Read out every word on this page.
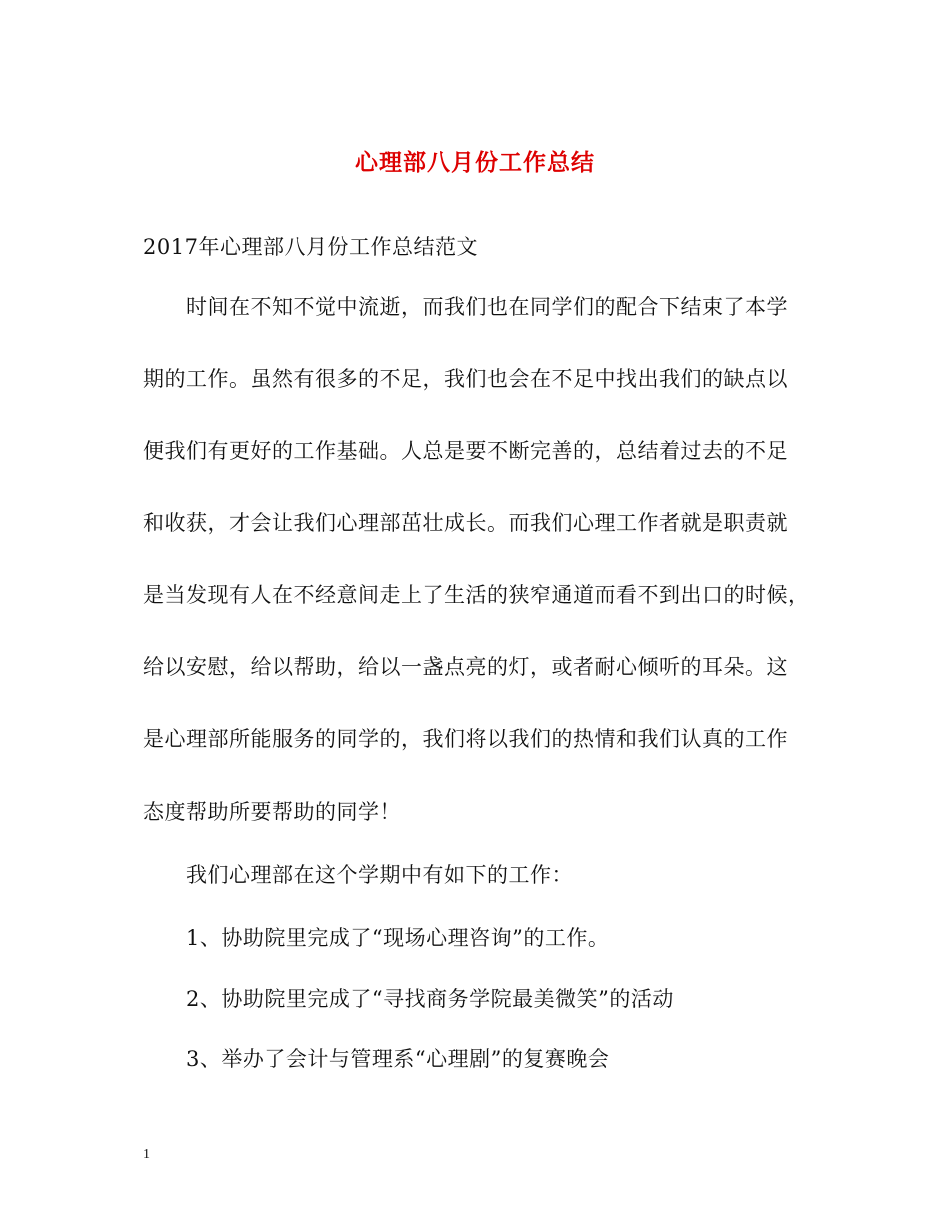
心理部八月份工作总结
2017年心理部八月份工作总结范文
时间在不知不觉中流逝，而我们也在同学们的配合下结束了本学
期的工作。虽然有很多的不足，我们也会在不足中找出我们的缺点以
便我们有更好的工作基础。人总是要不断完善的，总结着过去的不足
和收获，才会让我们心理部茁壮成长。而我们心理工作者就是职责就
是当发现有人在不经意间走上了生活的狭窄通道而看不到出口的时候，
给以安慰，给以帮助，给以一盏点亮的灯，或者耐心倾听的耳朵。这
是心理部所能服务的同学的，我们将以我们的热情和我们认真的工作
态度帮助所要帮助的同学！
我们心理部在这个学期中有如下的工作：
1、协助院里完成了“现场心理咨询”的工作。
2、协助院里完成了“寻找商务学院最美微笑”的活动
3、举办了会计与管理系“心理剧”的复赛晚会
1
